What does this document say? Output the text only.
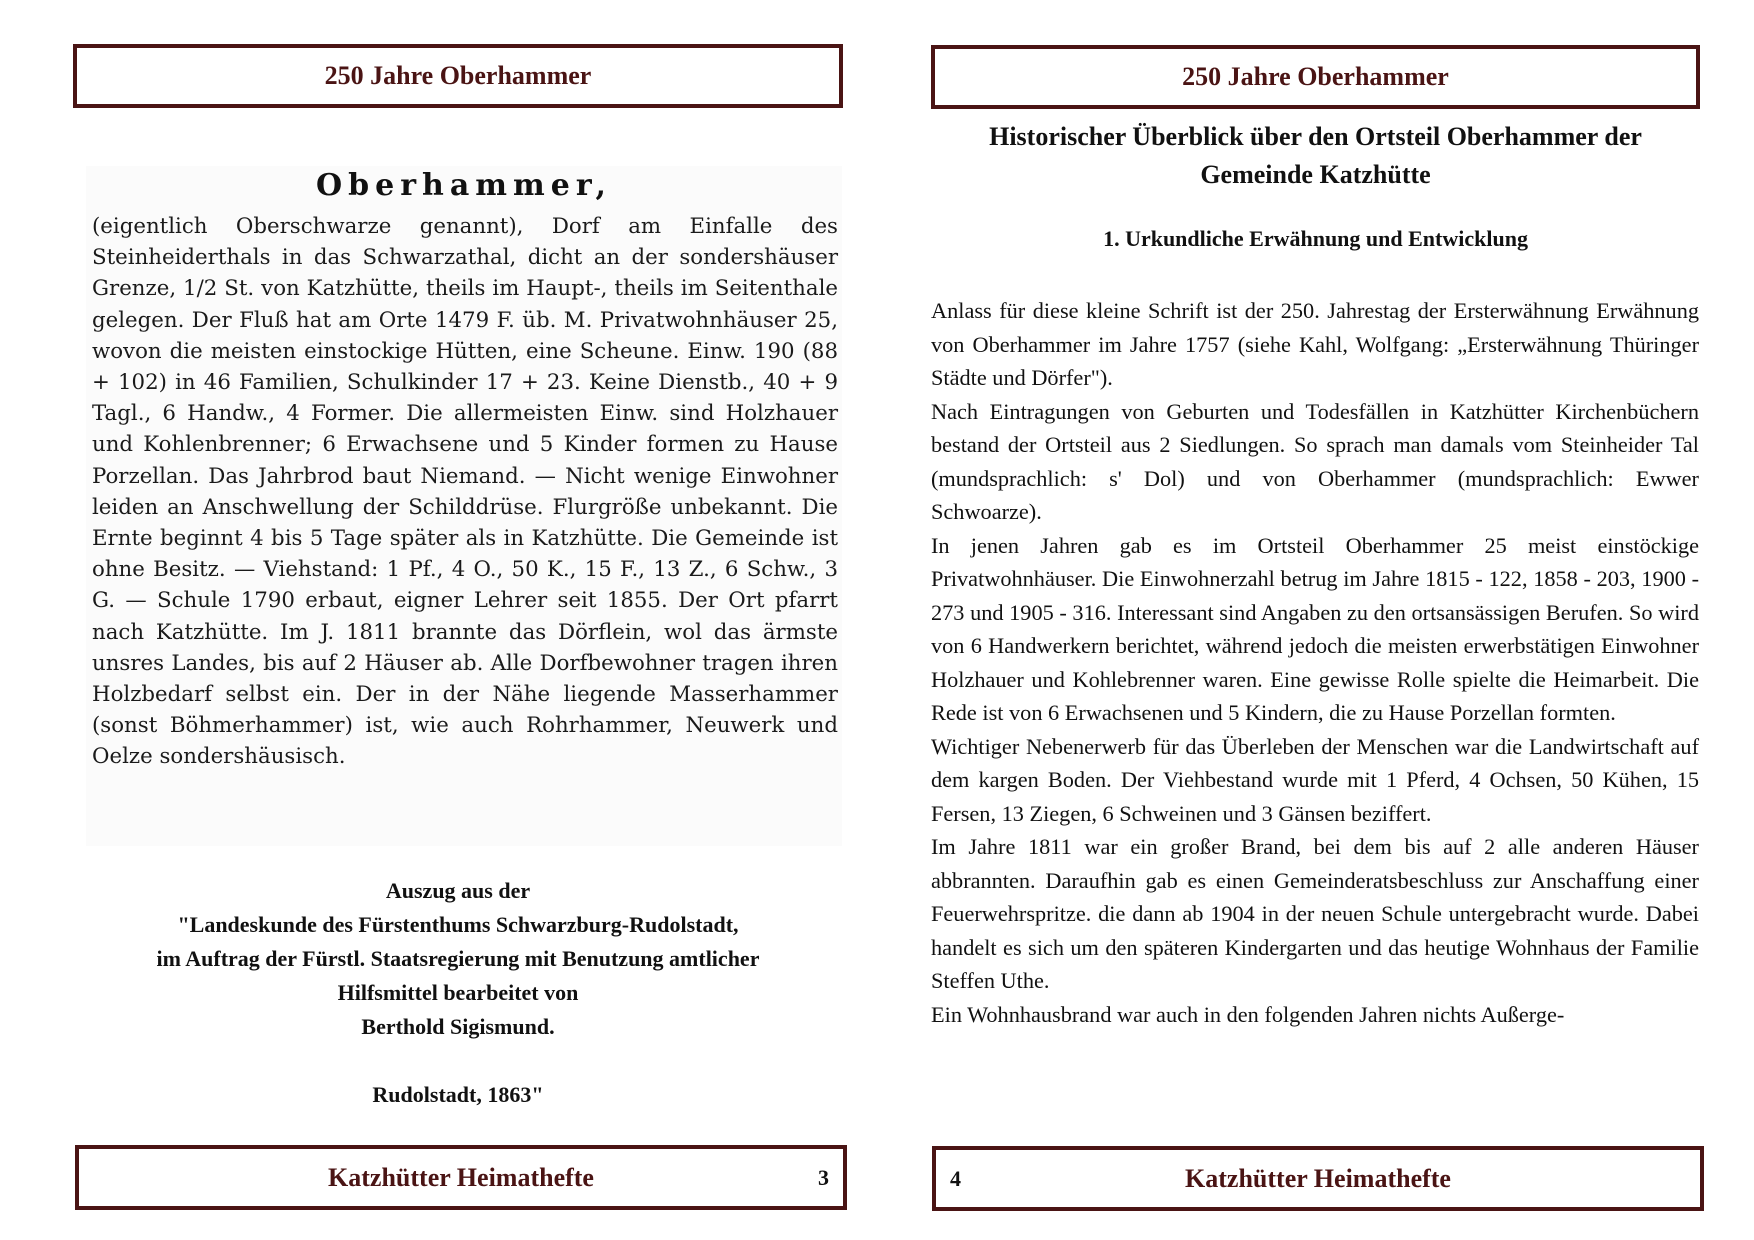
250 Jahre Oberhammer
Oberhammer,
(eigentlich Oberschwarze genannt), Dorf am Einfalle des Steinheiderthals in das Schwarzathal, dicht an der sondershäuser Grenze, 1/2 St. von Katzhütte, theils im Haupt-, theils im Seitenthale gelegen. Der Fluß hat am Orte 1479 F. üb. M. Privatwohnhäuser 25, wovon die meisten einstockige Hütten, eine Scheune. Einw. 190 (88 + 102) in 46 Familien, Schulkinder 17 + 23. Keine Dienstb., 40 + 9 Tagl., 6 Handw., 4 Former. Die allermeisten Einw. sind Holzhauer und Kohlenbrenner; 6 Erwachsene und 5 Kinder formen zu Hause Porzellan. Das Jahrbrod baut Niemand. — Nicht wenige Einwohner leiden an Anschwellung der Schilddrüse. Flurgröße unbekannt. Die Ernte beginnt 4 bis 5 Tage später als in Katzhütte. Die Gemeinde ist ohne Besitz. — Viehstand: 1 Pf., 4 O., 50 K., 15 F., 13 Z., 6 Schw., 3 G. — Schule 1790 erbaut, eigner Lehrer seit 1855. Der Ort pfarrt nach Katzhütte. Im J. 1811 brannte das Dörflein, wol das ärmste unsres Landes, bis auf 2 Häuser ab. Alle Dorfbewohner tragen ihren Holzbedarf selbst ein. Der in der Nähe liegende Masserhammer (sonst Böhmerhammer) ist, wie auch Rohrhammer, Neuwerk und Oelze sondershäusisch.

Auszug aus der

"Landeskunde des Fürstenthums Schwarzburg-Rudolstadt,

im Auftrag der Fürstl. Staatsregierung mit Benutzung amtlicher

Hilfsmittel bearbeitet von

Berthold Sigismund.

Rudolstadt, 1863"

Katzhütter Heimathefte	3
250 Jahre Oberhammer
Historischer Überblick über den Ortsteil Oberhammer der Gemeinde Katzhütte
1. Urkundliche Erwähnung und Entwicklung

Anlass für diese kleine Schrift ist der 250. Jahrestag der Ersterwähnung Erwähnung von Oberhammer im Jahre 1757 (siehe Kahl, Wolfgang: „Ersterwähnung Thüringer Städte und Dörfer").

Nach Eintragungen von Geburten und Todesfällen in Katzhütter Kirchenbüchern bestand der Ortsteil aus 2 Siedlungen. So sprach man damals vom Steinheider Tal (mundsprachlich: s' Dol) und von Oberhammer (mundsprachlich: Ewwer Schwoarze).

In jenen Jahren gab es im Ortsteil Oberhammer 25 meist einstöckige Privatwohnhäuser. Die Einwohnerzahl betrug im Jahre 1815 - 122, 1858 - 203, 1900 - 273 und 1905 - 316. Interessant sind Angaben zu den ortsansässigen Berufen. So wird von 6 Handwerkern berichtet, während jedoch die meisten erwerbstätigen Einwohner Holzhauer und Kohlebrenner waren. Eine gewisse Rolle spielte die Heimarbeit. Die Rede ist von 6 Erwachsenen und 5 Kindern, die zu Hause Porzellan formten.

Wichtiger Nebenerwerb für das Überleben der Menschen war die Landwirtschaft auf dem kargen Boden. Der Viehbestand wurde mit 1 Pferd, 4 Ochsen, 50 Kühen, 15 Fersen, 13 Ziegen, 6 Schweinen und 3 Gänsen beziffert.

Im Jahre 1811 war ein großer Brand, bei dem bis auf 2 alle anderen Häuser abbrannten. Daraufhin gab es einen Gemeinderatsbeschluss zur Anschaffung einer Feuerwehrspritze. die dann ab 1904 in der neuen Schule untergebracht wurde. Dabei handelt es sich um den späteren Kindergarten und das heutige Wohnhaus der Familie Steffen Uthe.

Ein Wohnhausbrand war auch in den folgenden Jahren nichts Außerge-

4	Katzhütter Heimathefte
